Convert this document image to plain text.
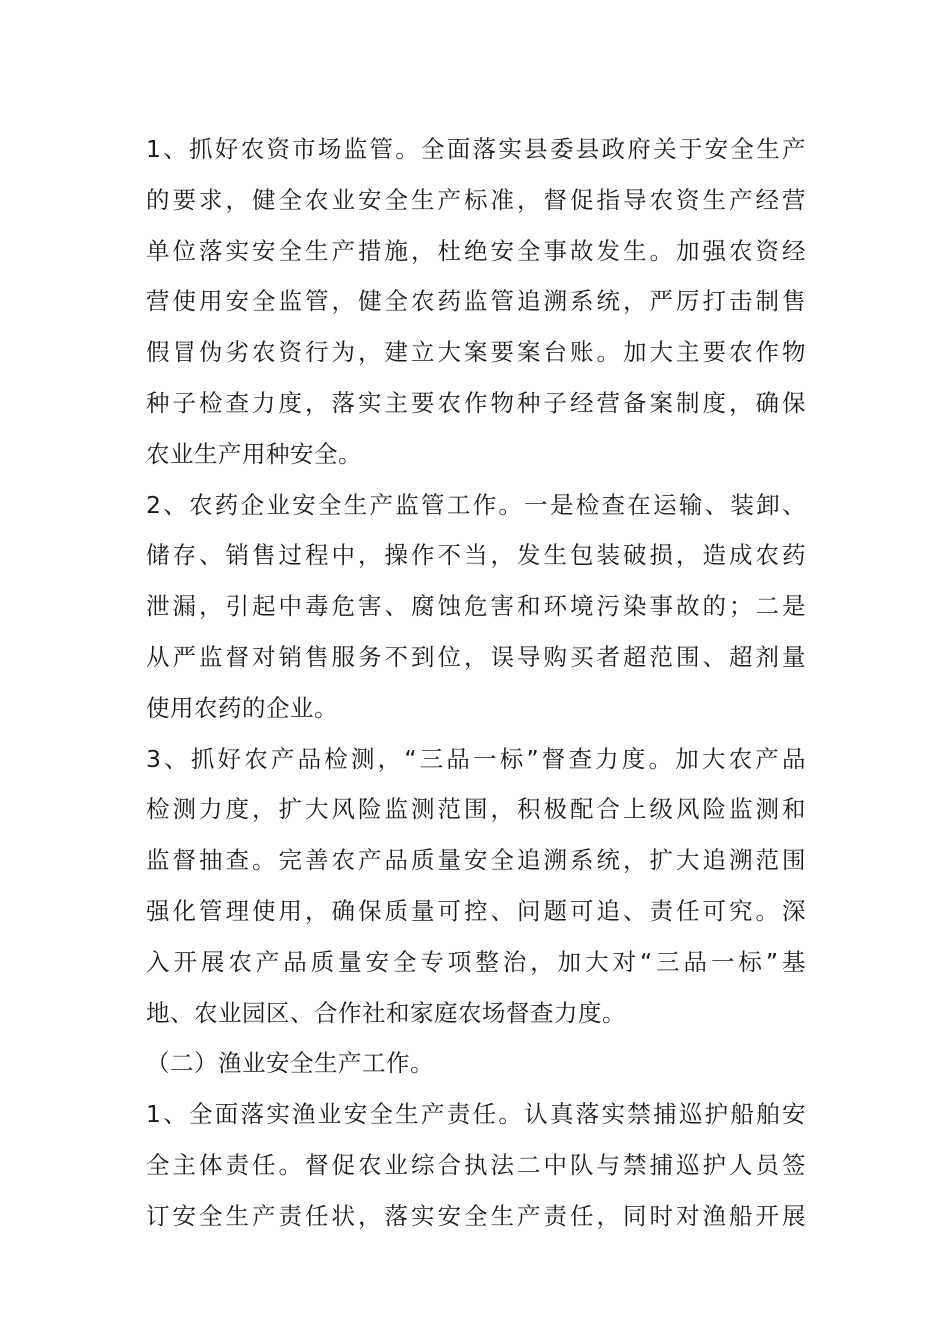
1、抓好农资市场监管。全面落实县委县政府关于安全生产
的要求，健全农业安全生产标准，督促指导农资生产经营
单位落实安全生产措施，杜绝安全事故发生。加强农资经
营使用安全监管，健全农药监管追溯系统，严厉打击制售
假冒伪劣农资行为，建立大案要案台账。加大主要农作物
种子检查力度，落实主要农作物种子经营备案制度，确保
农业生产用种安全。
2、农药企业安全生产监管工作。一是检查在运输、装卸、
储存、销售过程中，操作不当，发生包装破损，造成农药
泄漏，引起中毒危害、腐蚀危害和环境污染事故的；二是
从严监督对销售服务不到位，误导购买者超范围、超剂量
使用农药的企业。
3、抓好农产品检测，“三品一标”督查力度。加大农产品
检测力度，扩大风险监测范围，积极配合上级风险监测和
监督抽查。完善农产品质量安全追溯系统，扩大追溯范围
强化管理使用，确保质量可控、问题可追、责任可究。深
入开展农产品质量安全专项整治，加大对“三品一标”基
地、农业园区、合作社和家庭农场督查力度。
（二）渔业安全生产工作。
1、全面落实渔业安全生产责任。认真落实禁捕巡护船舶安
全主体责任。督促农业综合执法二中队与禁捕巡护人员签
订安全生产责任状，落实安全生产责任，同时对渔船开展
